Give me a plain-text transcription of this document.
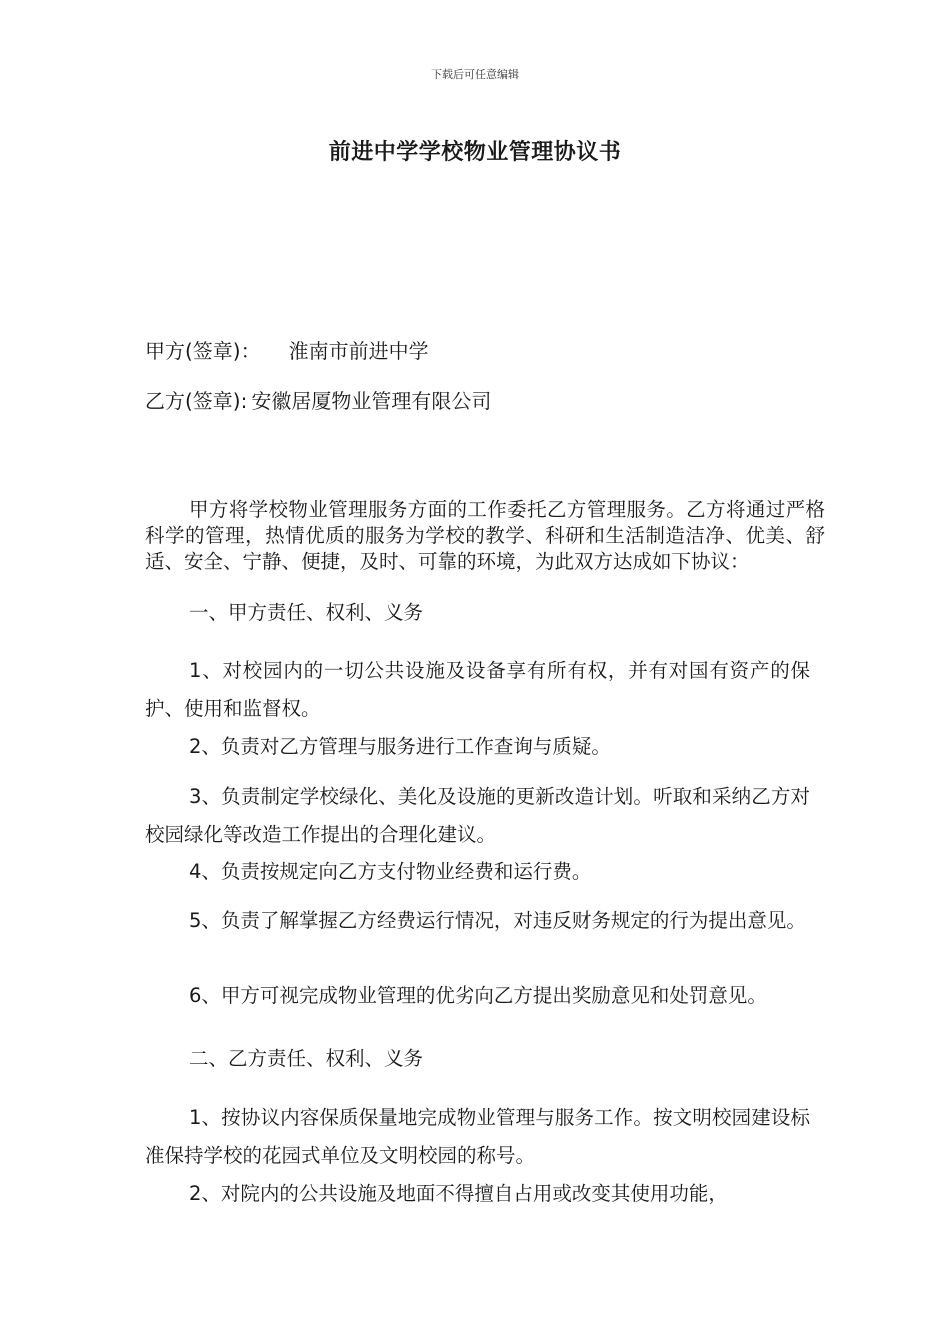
下载后可任意编辑
前进中学学校物业管理协议书
甲方(签章)： 淮南市前进中学
乙方(签章): 安徽居厦物业管理有限公司

甲方将学校物业管理服务方面的工作委托乙方管理服务。乙方将通过严格科学的管理，热情优质的服务为学校的教学、科研和生活制造洁净、优美、舒适、安全、宁静、便捷，及时、可靠的环境，为此双方达成如下协议：

一、甲方责任、权利、义务

1、对校园内的一切公共设施及设备享有所有权，并有对国有资产的保护、使用和监督权。

2、负责对乙方管理与服务进行工作查询与质疑。

3、负责制定学校绿化、美化及设施的更新改造计划。听取和采纳乙方对校园绿化等改造工作提出的合理化建议。

4、负责按规定向乙方支付物业经费和运行费。

5、负责了解掌握乙方经费运行情况，对违反财务规定的行为提出意见。

6、甲方可视完成物业管理的优劣向乙方提出奖励意见和处罚意见。

二、乙方责任、权利、义务

1、按协议内容保质保量地完成物业管理与服务工作。按文明校园建设标准保持学校的花园式单位及文明校园的称号。

2、对院内的公共设施及地面不得擅自占用或改变其使用功能，
